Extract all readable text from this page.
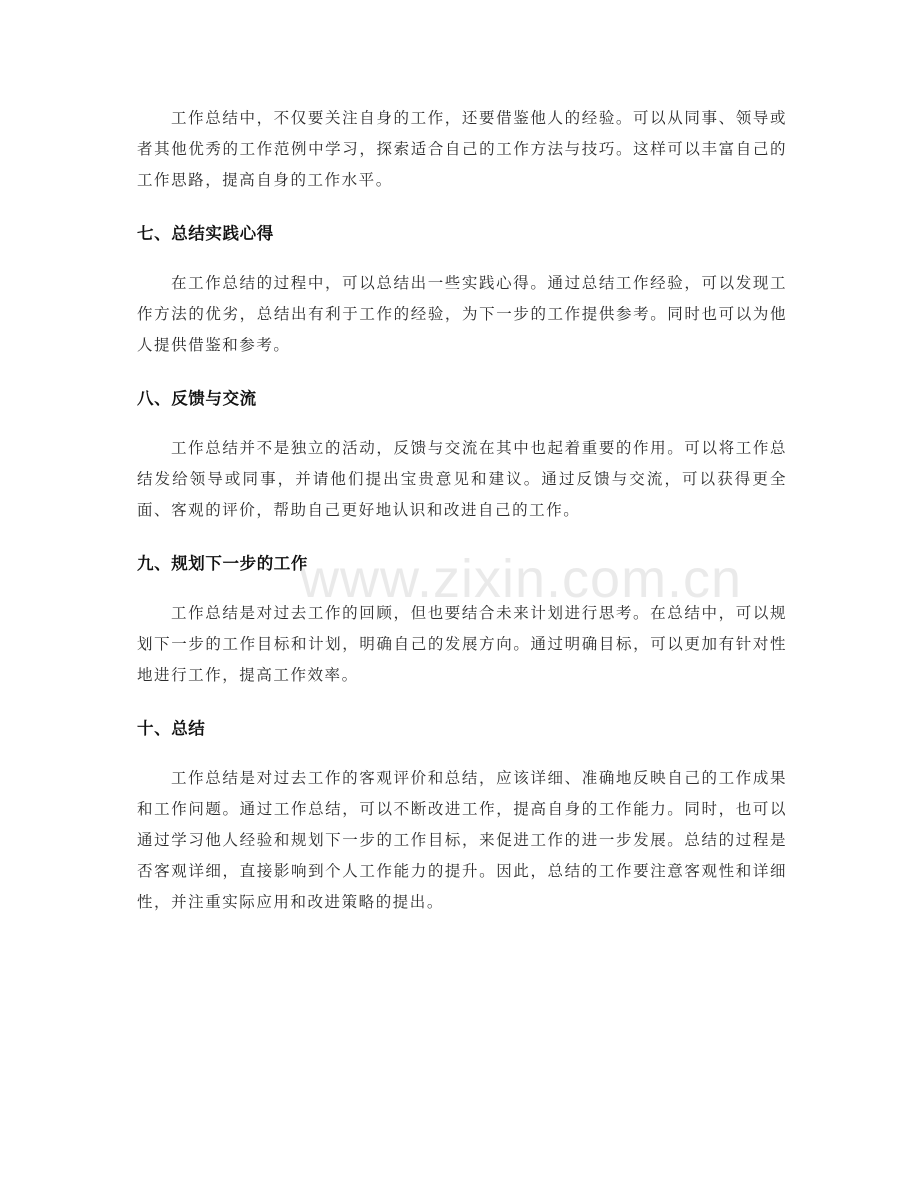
工作总结中，不仅要关注自身的工作，还要借鉴他人的经验。可以从同事、领导或者其他优秀的工作范例中学习，探索适合自己的工作方法与技巧。这样可以丰富自己的工作思路，提高自身的工作水平。

七、总结实践心得

在工作总结的过程中，可以总结出一些实践心得。通过总结工作经验，可以发现工作方法的优劣，总结出有利于工作的经验，为下一步的工作提供参考。同时也可以为他人提供借鉴和参考。

八、反馈与交流

工作总结并不是独立的活动，反馈与交流在其中也起着重要的作用。可以将工作总结发给领导或同事，并请他们提出宝贵意见和建议。通过反馈与交流，可以获得更全面、客观的评价，帮助自己更好地认识和改进自己的工作。

九、规划下一步的工作

工作总结是对过去工作的回顾，但也要结合未来计划进行思考。在总结中，可以规划下一步的工作目标和计划，明确自己的发展方向。通过明确目标，可以更加有针对性地进行工作，提高工作效率。

十、总结

工作总结是对过去工作的客观评价和总结，应该详细、准确地反映自己的工作成果和工作问题。通过工作总结，可以不断改进工作，提高自身的工作能力。同时，也可以通过学习他人经验和规划下一步的工作目标，来促进工作的进一步发展。总结的过程是否客观详细，直接影响到个人工作能力的提升。因此，总结的工作要注意客观性和详细性，并注重实际应用和改进策略的提出。

www.zixin.com.cn
